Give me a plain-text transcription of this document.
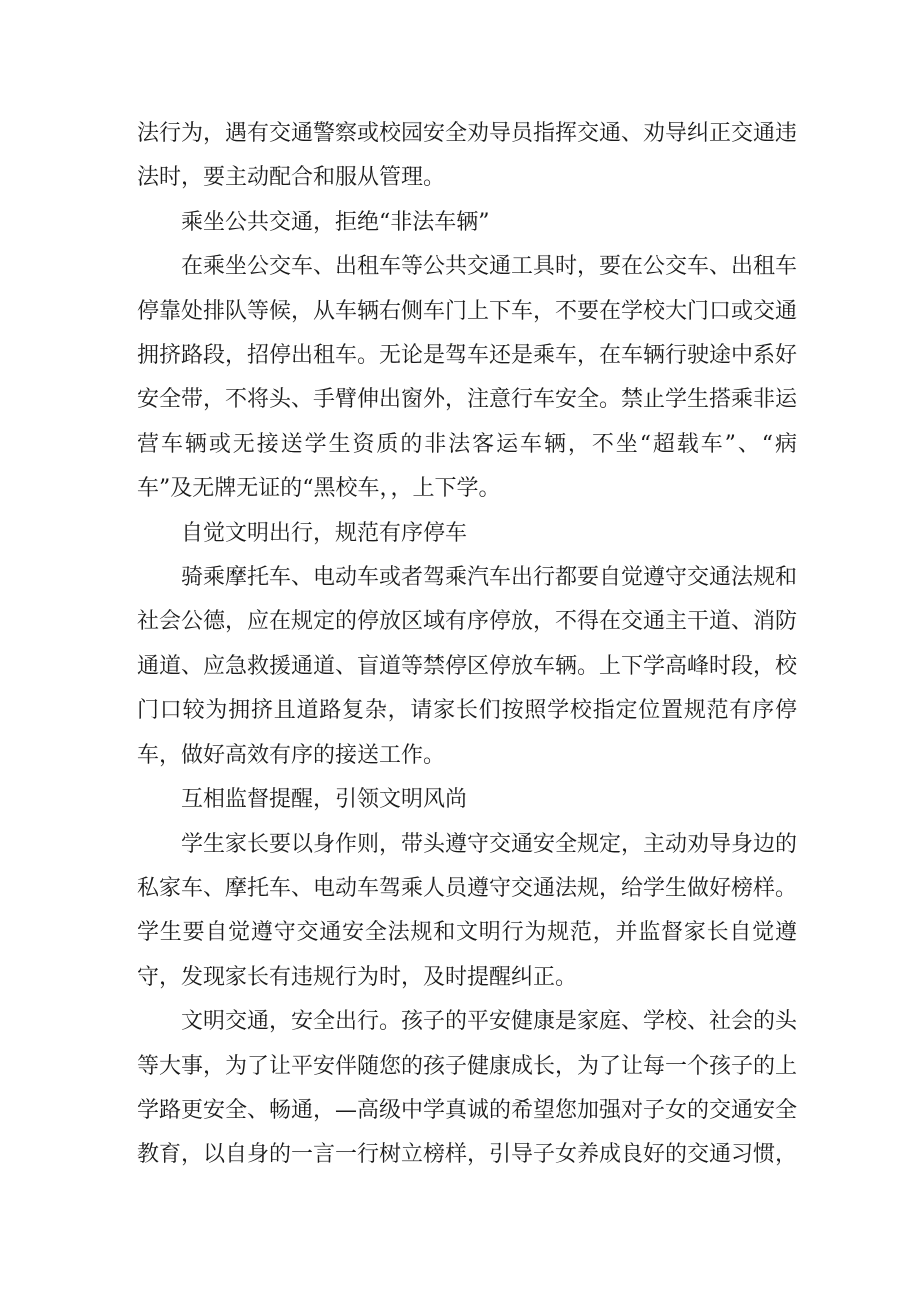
法行为，遇有交通警察或校园安全劝导员指挥交通、劝导纠正交通违法时，要主动配合和服从管理。

乘坐公共交通，拒绝“非法车辆”

在乘坐公交车、出租车等公共交通工具时，要在公交车、出租车停靠处排队等候，从车辆右侧车门上下车，不要在学校大门口或交通拥挤路段，招停出租车。无论是驾车还是乘车，在车辆行驶途中系好安全带，不将头、手臂伸出窗外，注意行车安全。禁止学生搭乘非运营车辆或无接送学生资质的非法客运车辆，不坐“超载车”、“病车”及无牌无证的“黑校车，，上下学。

自觉文明出行，规范有序停车

骑乘摩托车、电动车或者驾乘汽车出行都要自觉遵守交通法规和社会公德，应在规定的停放区域有序停放，不得在交通主干道、消防通道、应急救援通道、盲道等禁停区停放车辆。上下学高峰时段，校门口较为拥挤且道路复杂，请家长们按照学校指定位置规范有序停车，做好高效有序的接送工作。

互相监督提醒，引领文明风尚

学生家长要以身作则，带头遵守交通安全规定，主动劝导身边的私家车、摩托车、电动车驾乘人员遵守交通法规，给学生做好榜样。学生要自觉遵守交通安全法规和文明行为规范，并监督家长自觉遵守，发现家长有违规行为时，及时提醒纠正。

文明交通，安全出行。孩子的平安健康是家庭、学校、社会的头等大事，为了让平安伴随您的孩子健康成长，为了让每一个孩子的上学路更安全、畅通，—高级中学真诚的希望您加强对子女的交通安全教育，以自身的一言一行树立榜样，引导子女养成良好的交通习惯，
